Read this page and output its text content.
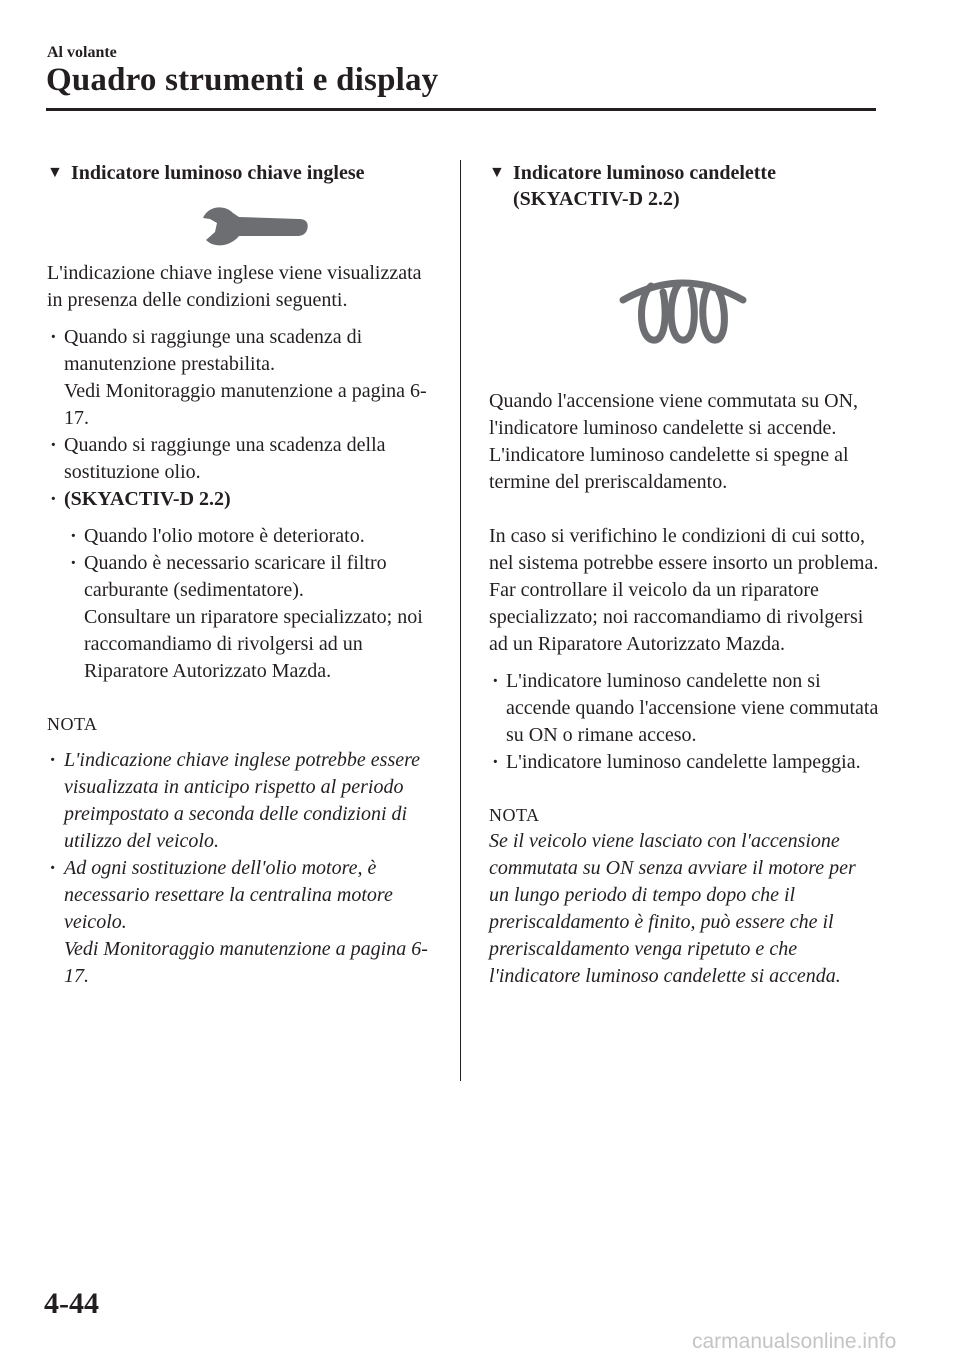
Al volante
Quadro strumenti e display
▼ Indicatore luminoso chiave inglese

L'indicazione chiave inglese viene visualizzata in presenza delle condizioni seguenti.

· Quando si raggiunge una scadenza di manutenzione prestabilita.
Vedi Monitoraggio manutenzione a pagina 6-17.
· Quando si raggiunge una scadenza della sostituzione olio.
· (SKYACTIV-D 2.2)
· Quando l'olio motore è deteriorato.
· Quando è necessario scaricare il filtro carburante (sedimentatore).
Consultare un riparatore specializzato; noi raccomandiamo di rivolgersi ad un Riparatore Autorizzato Mazda.
NOTA
· L'indicazione chiave inglese potrebbe essere visualizzata in anticipo rispetto al periodo preimpostato a seconda delle condizioni di utilizzo del veicolo.
· Ad ogni sostituzione dell'olio motore, è necessario resettare la centralina motore veicolo.
Vedi Monitoraggio manutenzione a pagina 6-17.
▼ Indicatore luminoso candelette
(SKYACTIV-D 2.2)

Quando l'accensione viene commutata su ON, l'indicatore luminoso candelette si accende. L'indicatore luminoso candelette si spegne al termine del preriscaldamento.

In caso si verifichino le condizioni di cui sotto, nel sistema potrebbe essere insorto un problema. Far controllare il veicolo da un riparatore specializzato; noi raccomandiamo di rivolgersi ad un Riparatore Autorizzato Mazda.

· L'indicatore luminoso candelette non si accende quando l'accensione viene commutata su ON o rimane acceso.
· L'indicatore luminoso candelette lampeggia.
NOTA

Se il veicolo viene lasciato con l'accensione commutata su ON senza avviare il motore per un lungo periodo di tempo dopo che il preriscaldamento è finito, può essere che il preriscaldamento venga ripetuto e che l'indicatore luminoso candelette si accenda.

4-44
carmanualsonline.info
